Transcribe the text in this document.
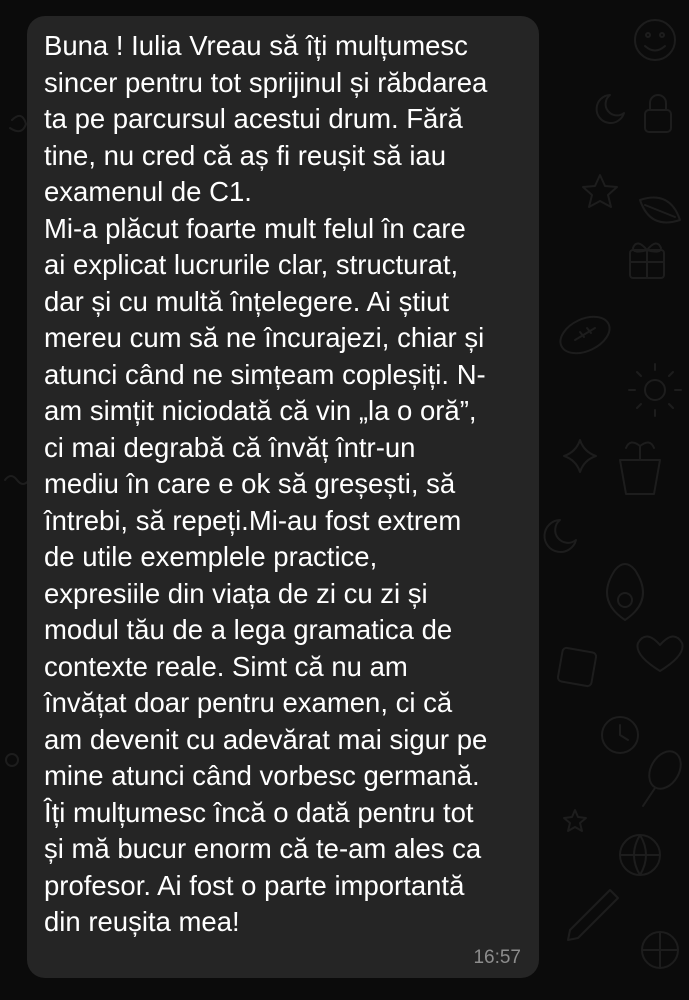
Buna ! Iulia Vreau să îți mulțumesc
sincer pentru tot sprijinul și răbdarea
ta pe parcursul acestui drum. Fără
tine, nu cred că aș fi reușit să iau
examenul de C1.
Mi-a plăcut foarte mult felul în care
ai explicat lucrurile clar, structurat,
dar și cu multă înțelegere. Ai știut
mereu cum să ne încurajezi, chiar și
atunci când ne simțeam copleșiți. N-
am simțit niciodată că vin „la o oră”,
ci mai degrabă că învăț într-un
mediu în care e ok să greșești, să
întrebi, să repeți.Mi-au fost extrem
de utile exemplele practice,
expresiile din viața de zi cu zi și
modul tău de a lega gramatica de
contexte reale. Simt că nu am
învățat doar pentru examen, ci că
am devenit cu adevărat mai sigur pe
mine atunci când vorbesc germană.
Îți mulțumesc încă o dată pentru tot
și mă bucur enorm că te-am ales ca
profesor. Ai fost o parte importantă
din reușita mea!

16:57
